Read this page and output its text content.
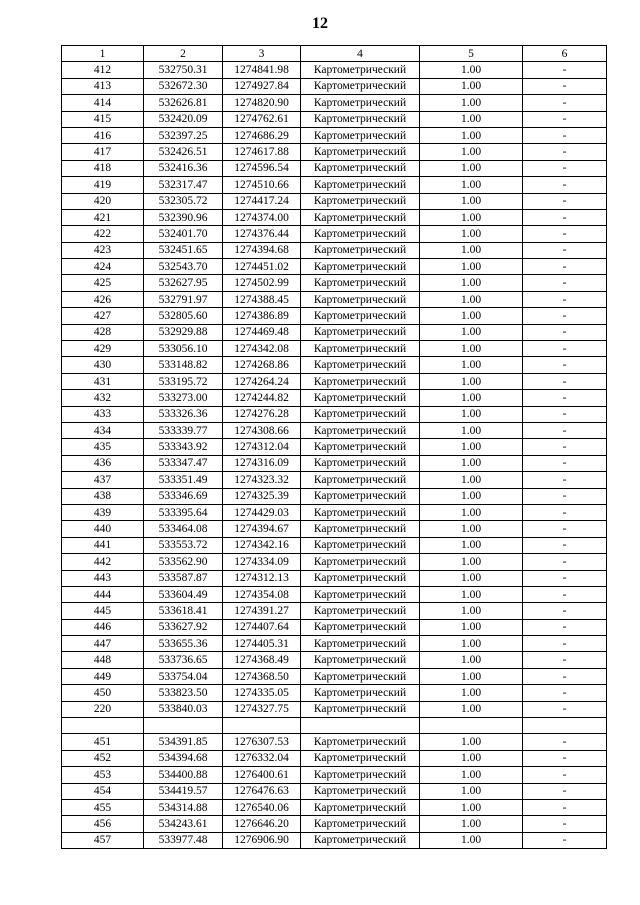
12
1	2	3	4	5	6
412	532750.31	1274841.98	Картометрический	1.00	-
413	532672.30	1274927.84	Картометрический	1.00	-
414	532626.81	1274820.90	Картометрический	1.00	-
415	532420.09	1274762.61	Картометрический	1.00	-
416	532397.25	1274686.29	Картометрический	1.00	-
417	532426.51	1274617.88	Картометрический	1.00	-
418	532416.36	1274596.54	Картометрический	1.00	-
419	532317.47	1274510.66	Картометрический	1.00	-
420	532305.72	1274417.24	Картометрический	1.00	-
421	532390.96	1274374.00	Картометрический	1.00	-
422	532401.70	1274376.44	Картометрический	1.00	-
423	532451.65	1274394.68	Картометрический	1.00	-
424	532543.70	1274451.02	Картометрический	1.00	-
425	532627.95	1274502.99	Картометрический	1.00	-
426	532791.97	1274388.45	Картометрический	1.00	-
427	532805.60	1274386.89	Картометрический	1.00	-
428	532929.88	1274469.48	Картометрический	1.00	-
429	533056.10	1274342.08	Картометрический	1.00	-
430	533148.82	1274268.86	Картометрический	1.00	-
431	533195.72	1274264.24	Картометрический	1.00	-
432	533273.00	1274244.82	Картометрический	1.00	-
433	533326.36	1274276.28	Картометрический	1.00	-
434	533339.77	1274308.66	Картометрический	1.00	-
435	533343.92	1274312.04	Картометрический	1.00	-
436	533347.47	1274316.09	Картометрический	1.00	-
437	533351.49	1274323.32	Картометрический	1.00	-
438	533346.69	1274325.39	Картометрический	1.00	-
439	533395.64	1274429.03	Картометрический	1.00	-
440	533464.08	1274394.67	Картометрический	1.00	-
441	533553.72	1274342.16	Картометрический	1.00	-
442	533562.90	1274334.09	Картометрический	1.00	-
443	533587.87	1274312.13	Картометрический	1.00	-
444	533604.49	1274354.08	Картометрический	1.00	-
445	533618.41	1274391.27	Картометрический	1.00	-
446	533627.92	1274407.64	Картометрический	1.00	-
447	533655.36	1274405.31	Картометрический	1.00	-
448	533736.65	1274368.49	Картометрический	1.00	-
449	533754.04	1274368.50	Картометрический	1.00	-
450	533823.50	1274335.05	Картометрический	1.00	-
220	533840.03	1274327.75	Картометрический	1.00	-

451	534391.85	1276307.53	Картометрический	1.00	-
452	534394.68	1276332.04	Картометрический	1.00	-
453	534400.88	1276400.61	Картометрический	1.00	-
454	534419.57	1276476.63	Картометрический	1.00	-
455	534314.88	1276540.06	Картометрический	1.00	-
456	534243.61	1276646.20	Картометрический	1.00	-
457	533977.48	1276906.90	Картометрический	1.00	-
